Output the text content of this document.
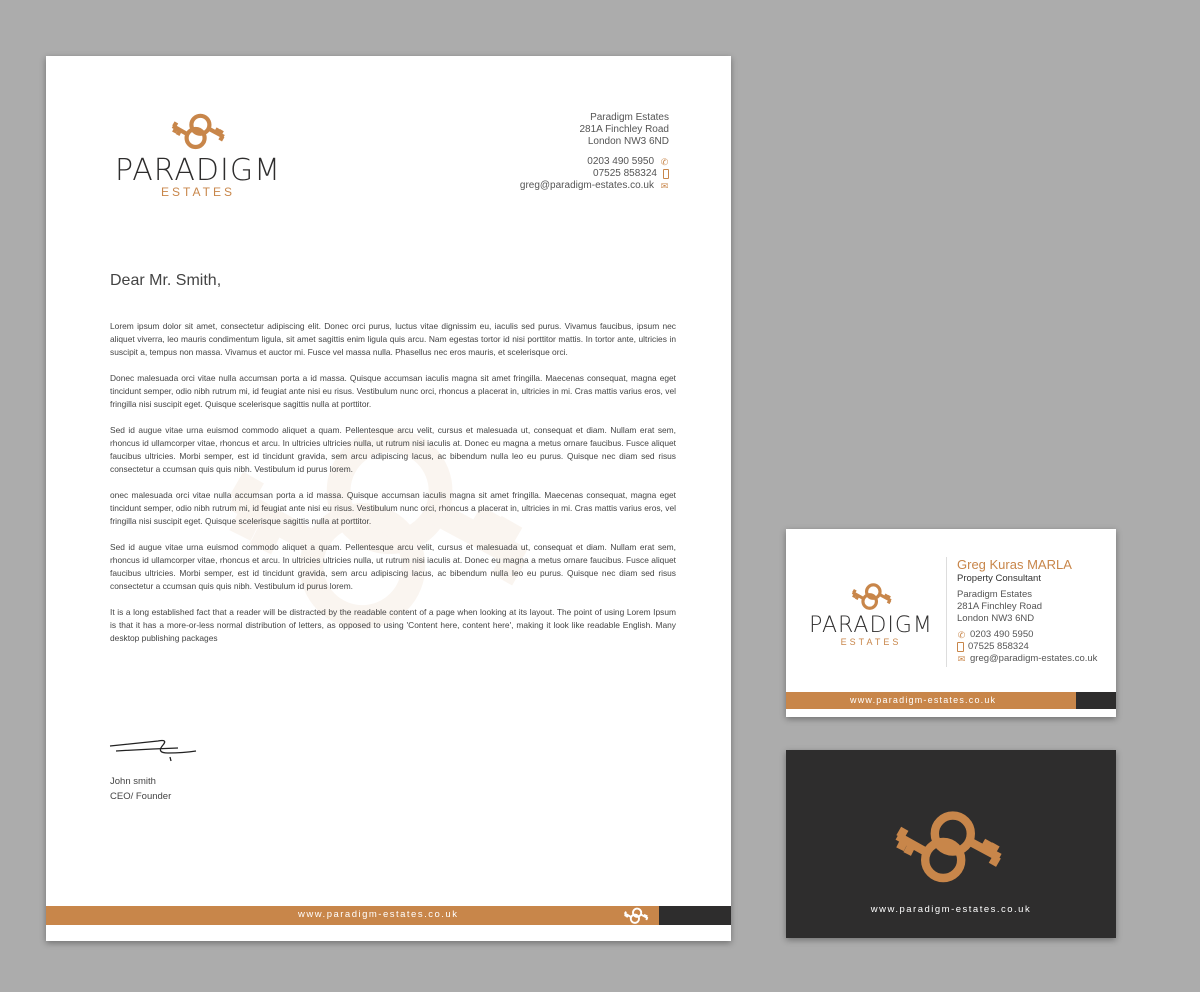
PARADIGM
ESTATES
Paradigm Estates
281A Finchley Road
London NW3 6ND
0203 490 5950 ✆
07525 858324
greg@paradigm-estates.co.uk ✉
Dear Mr. Smith,

Lorem ipsum dolor sit amet, consectetur adipiscing elit. Donec orci purus, luctus vitae dignissim eu, iaculis sed purus. Vivamus faucibus, ipsum nec aliquet viverra, leo mauris condimentum ligula, sit amet sagittis enim ligula quis arcu. Nam egestas tortor id nisi porttitor mattis. In tortor ante, ultricies in suscipit a, tempus non massa. Vivamus et auctor mi. Fusce vel massa nulla. Phasellus nec eros mauris, et scelerisque orci.

Donec malesuada orci vitae nulla accumsan porta a id massa. Quisque accumsan iaculis magna sit amet fringilla. Maecenas consequat, magna eget tincidunt semper, odio nibh rutrum mi, id feugiat ante nisi eu risus. Vestibulum nunc orci, rhoncus a placerat in, ultricies in mi. Cras mattis varius eros, vel fringilla nisi suscipit eget. Quisque scelerisque sagittis nulla at porttitor.

Sed id augue vitae urna euismod commodo aliquet a quam. Pellentesque arcu velit, cursus et malesuada ut, consequat et diam. Nullam erat sem, rhoncus id ullamcorper vitae, rhoncus et arcu. In ultricies ultricies nulla, ut rutrum nisi iaculis at. Donec eu magna a metus ornare faucibus. Fusce aliquet faucibus ultricies. Morbi semper, est id tincidunt gravida, sem arcu adipiscing lacus, ac bibendum nulla leo eu purus. Quisque nec diam sed risus consectetur a ccumsan quis quis nibh. Vestibulum id purus lorem.

onec malesuada orci vitae nulla accumsan porta a id massa. Quisque accumsan iaculis magna sit amet fringilla. Maecenas consequat, magna eget tincidunt semper, odio nibh rutrum mi, id feugiat ante nisi eu risus. Vestibulum nunc orci, rhoncus a placerat in, ultricies in mi. Cras mattis varius eros, vel fringilla nisi suscipit eget. Quisque scelerisque sagittis nulla at porttitor.

Sed id augue vitae urna euismod commodo aliquet a quam. Pellentesque arcu velit, cursus et malesuada ut, consequat et diam. Nullam erat sem, rhoncus id ullamcorper vitae, rhoncus et arcu. In ultricies ultricies nulla, ut rutrum nisi iaculis at. Donec eu magna a metus ornare faucibus. Fusce aliquet faucibus ultricies. Morbi semper, est id tincidunt gravida, sem arcu adipiscing lacus, ac bibendum nulla leo eu purus. Quisque nec diam sed risus consectetur a ccumsan quis quis nibh. Vestibulum id purus lorem.

It is a long established fact that a reader will be distracted by the readable content of a page when looking at its layout. The point of using Lorem Ipsum is that it has a more-or-less normal distribution of letters, as opposed to using 'Content here, content here', making it look like readable English. Many desktop publishing packages

John smith
CEO/ Founder
www.paradigm-estates.co.uk
PARADIGM
ESTATES
Greg Kuras MARLA
Property Consultant
Paradigm Estates
281A Finchley Road
London NW3 6ND
✆ 0203 490 5950
07525 858324
✉ greg@paradigm-estates.co.uk
www.paradigm-estates.co.uk
www.paradigm-estates.co.uk
